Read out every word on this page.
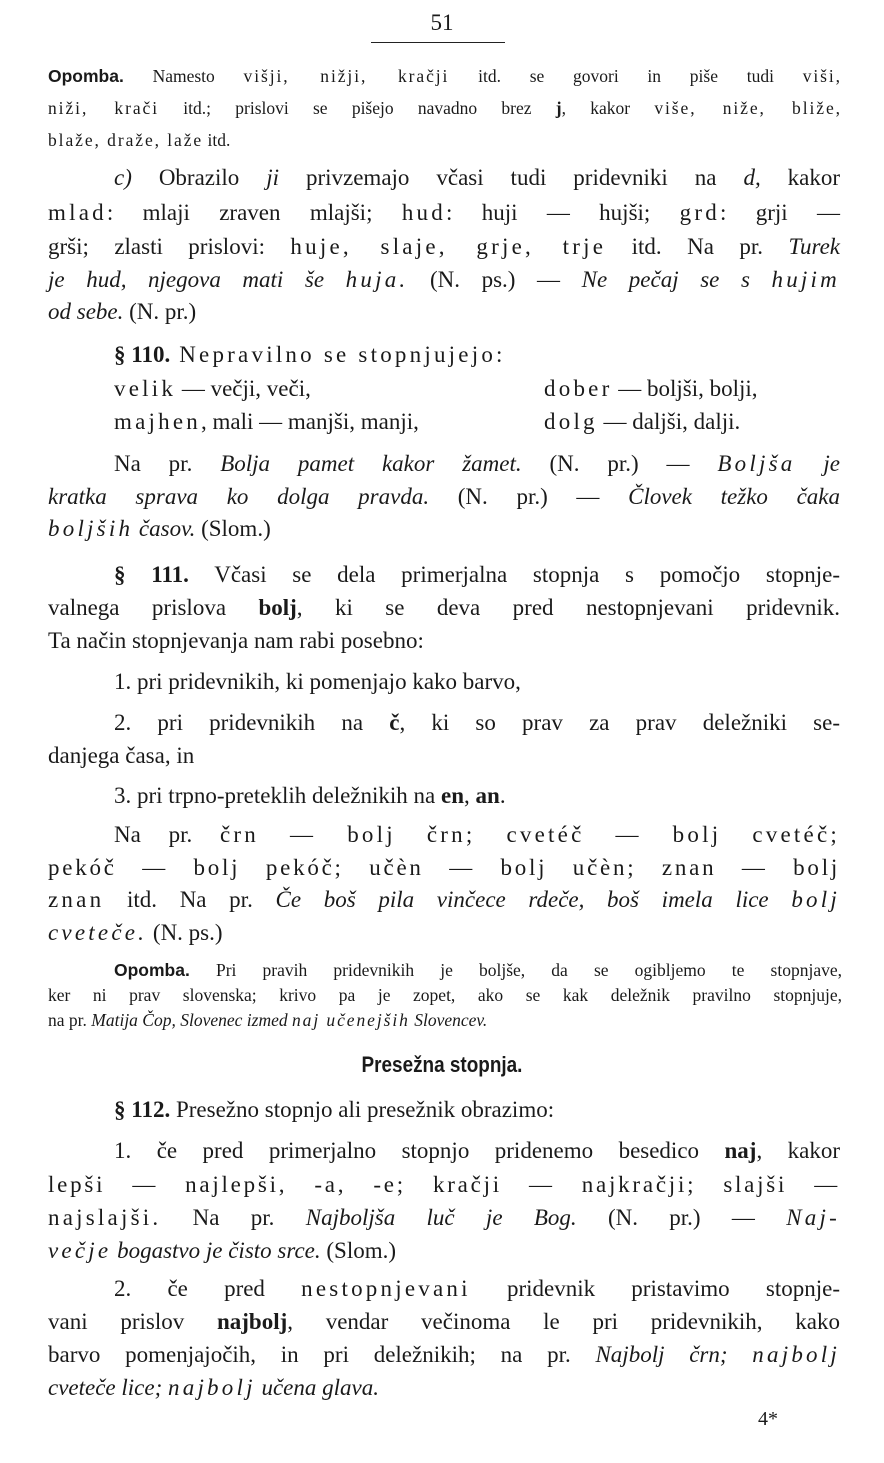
51
Opomba. Namesto višji, nižji, kračji itd. se govori in piše tudi viši,
niži, krači itd.; prislovi se pišejo navadno brez j, kakor više, niže, bliže,
blaže, draže, laže itd.
c) Obrazilo ji privzemajo včasi tudi pridevniki na d, kakor
mlad: mlaji zraven mlajši; hud: huji — hujši; grd: grji —
grši; zlasti prislovi: huje, slaje, grje, trje itd. Na pr. Turek
je hud, njegova mati še huja. (N. ps.) — Ne pečaj se s hujim
od sebe. (N. pr.)
§ 110. Nepravilno se stopnjujejo:
velik — večji, veči,	dober — boljši, bolji,
majhen, mali — manjši, manji,	dolg — daljši, dalji.
Na pr. Bolja pamet kakor žamet. (N. pr.) — Boljša je
kratka sprava ko dolga pravda. (N. pr.) — Človek težko čaka
boljših časov. (Slom.)
§ 111. Včasi se dela primerjalna stopnja s pomočjo stopnje-
valnega prislova bolj, ki se deva pred nestopnjevani pridevnik.
Ta način stopnjevanja nam rabi posebno:
1. pri pridevnikih, ki pomenjajo kako barvo,
2. pri pridevnikih na č, ki so prav za prav deležniki se-
danjega časa, in
3. pri trpno-preteklih deležnikih na en, an.
Na pr. črn — bolj črn; cvetéč — bolj cvetéč;
pekóč — bolj pekóč; učèn — bolj učèn; znan — bolj
znan itd. Na pr. Če boš pila vinčece rdeče, boš imela lice bolj
cveteče. (N. ps.)
Opomba. Pri pravih pridevnikih je boljše, da se ogibljemo te stopnjave,
ker ni prav slovenska; krivo pa je zopet, ako se kak deležnik pravilno stopnjuje,
na pr. Matija Čop, Slovenec izmed naj učenejših Slovencev.
Presežna stopnja.
§ 112. Presežno stopnjo ali presežnik obrazimo:
1. če pred primerjalno stopnjo pridenemo besedico naj, kakor
lepši — najlepši, -a, -e; kračji — najkračji; slajši —
najslajši. Na pr. Najboljša luč je Bog. (N. pr.) — Naj-
večje bogastvo je čisto srce. (Slom.)
2. če pred nestopnjevani pridevnik pristavimo stopnje-
vani prislov najbolj, vendar večinoma le pri pridevnikih, kako
barvo pomenjajočih, in pri deležnikih; na pr. Najbolj črn; najbolj
cveteče lice; najbolj učena glava.
4*
